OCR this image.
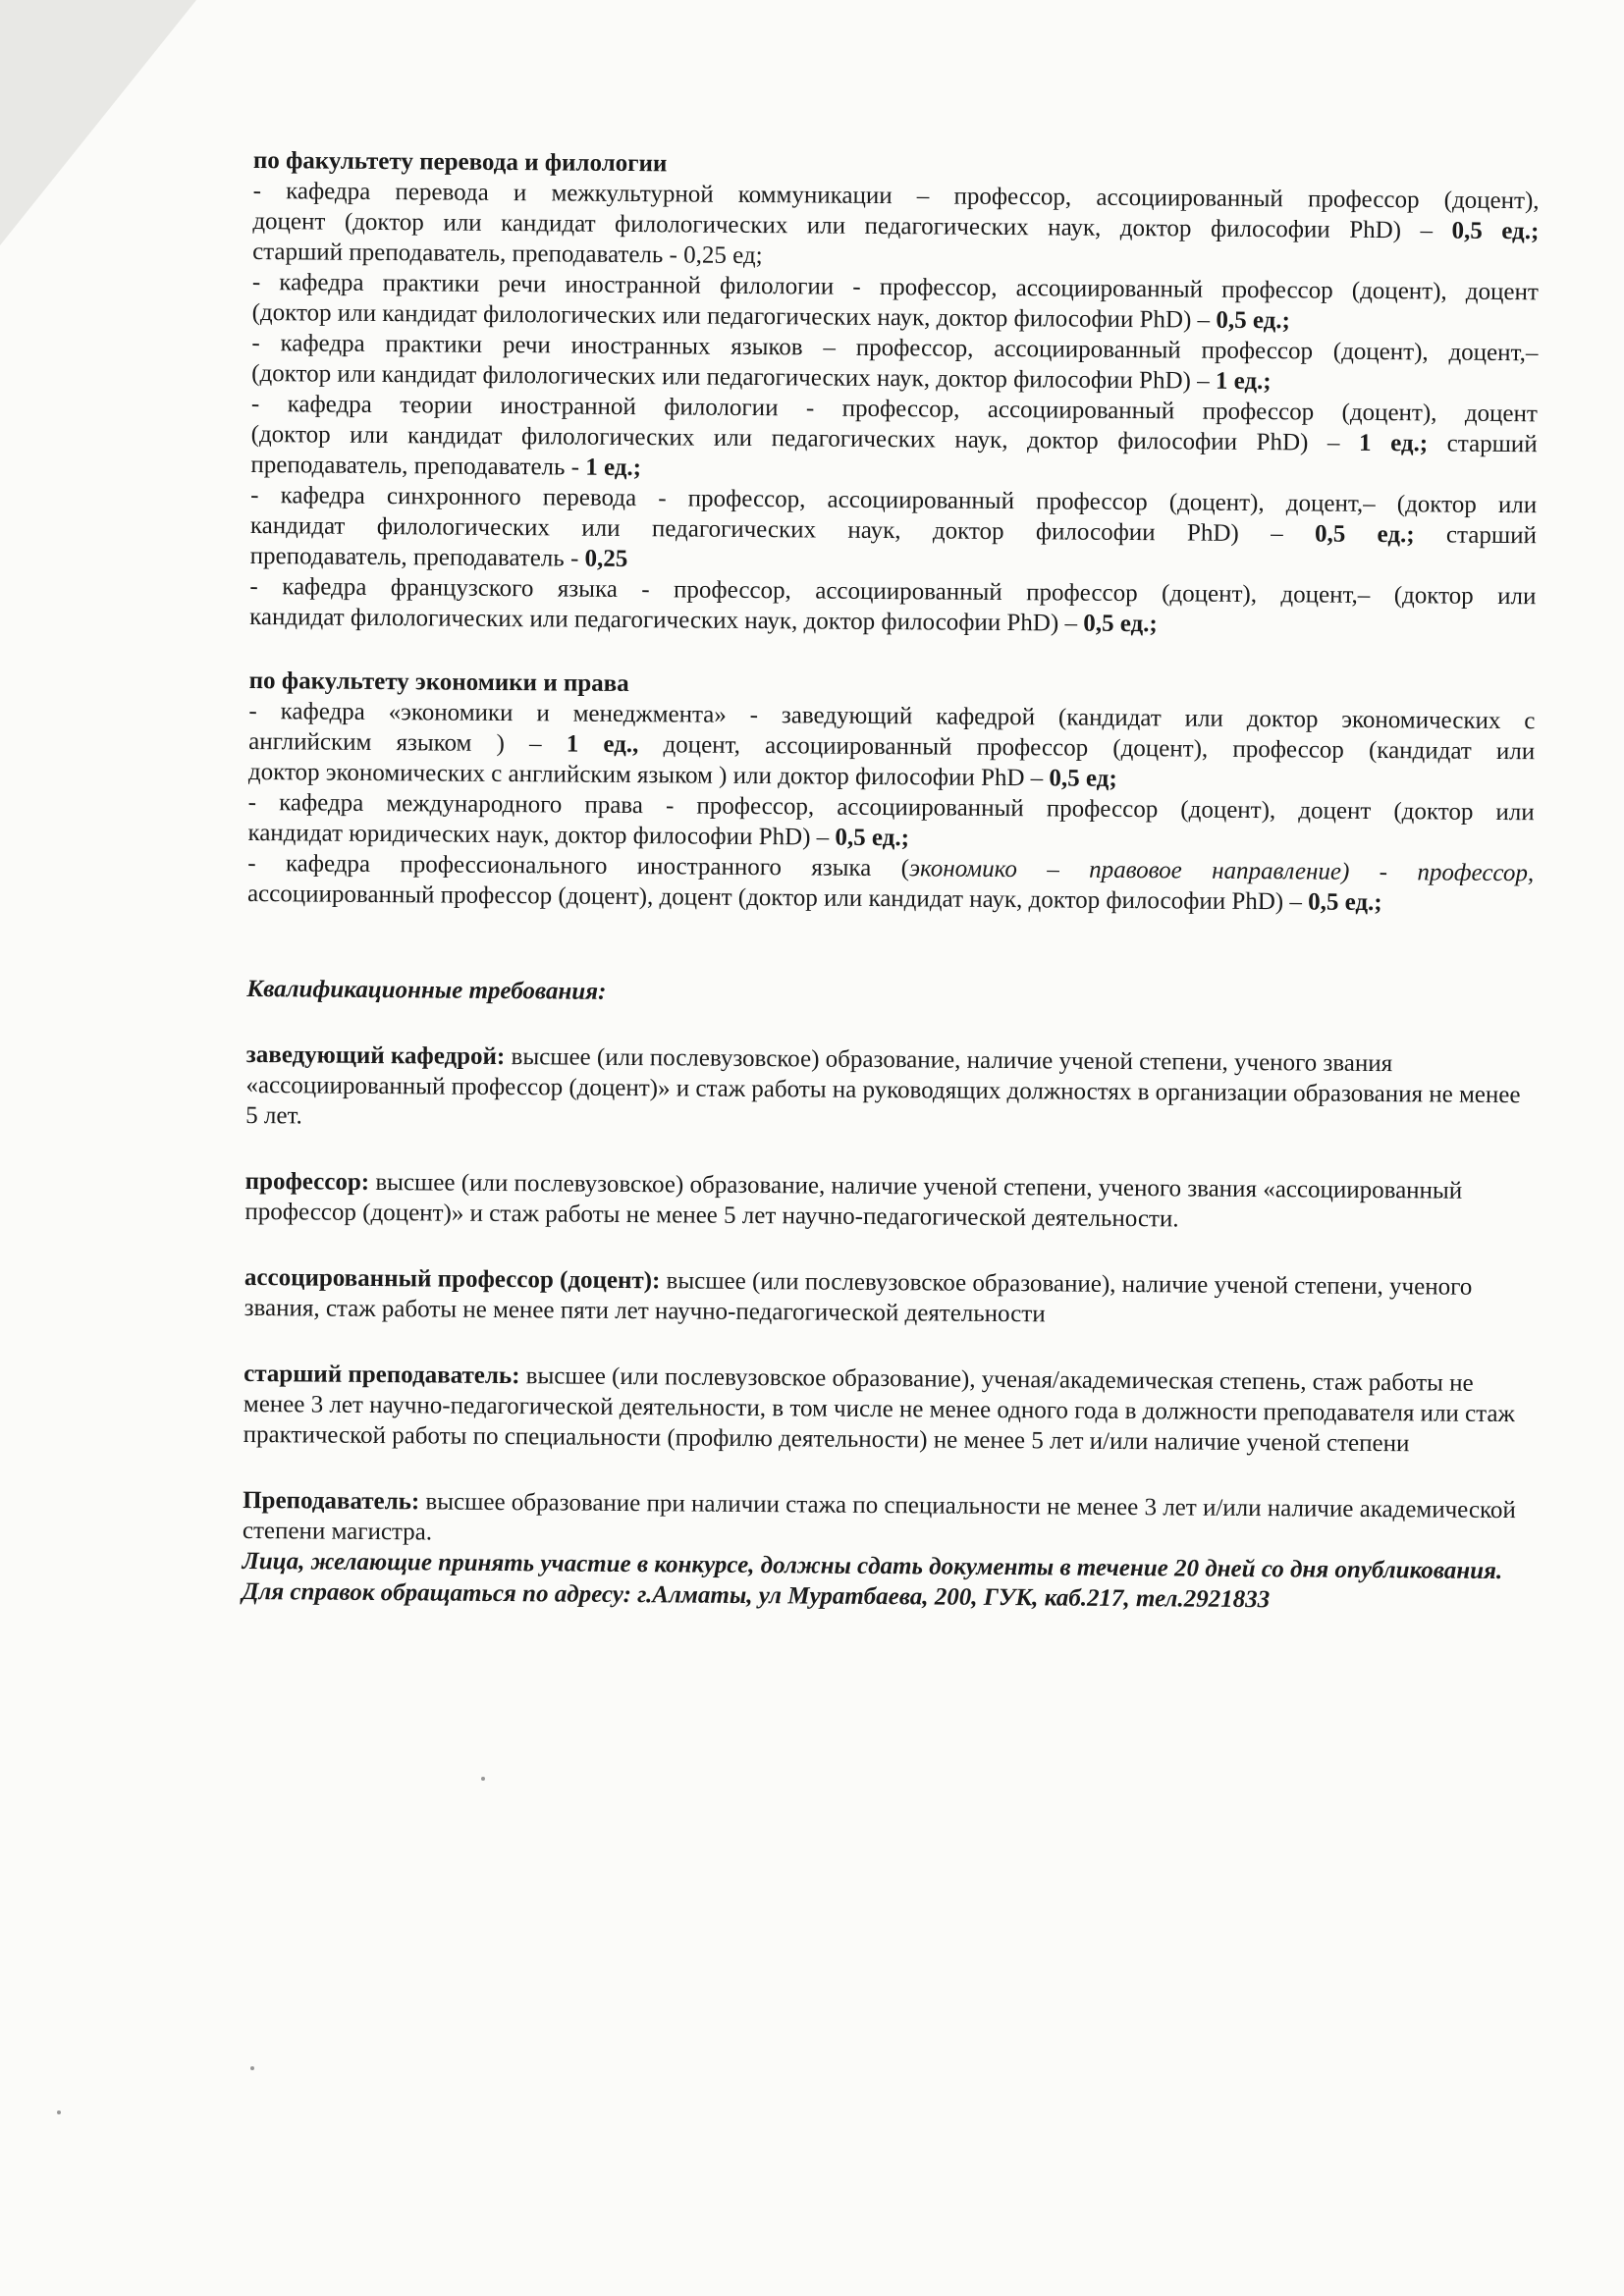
по факультету перевода и филологии
- кафедра перевода и межкультурной коммуникации – профессор, ассоциированный профессор (доцент),
доцент (доктор или кандидат филологических или педагогических наук, доктор философии PhD) – 0,5 ед.;
старший преподаватель, преподаватель - 0,25 ед;
- кафедра практики речи иностранной филологии - профессор, ассоциированный профессор (доцент), доцент
(доктор или кандидат филологических или педагогических наук, доктор философии PhD) – 0,5 ед.;
- кафедра практики речи иностранных языков – профессор, ассоциированный профессор (доцент), доцент,–
(доктор или кандидат филологических или педагогических наук, доктор философии PhD) – 1 ед.;
- кафедра теории иностранной филологии - профессор, ассоциированный профессор (доцент), доцент
(доктор или кандидат филологических или педагогических наук, доктор философии PhD) – 1 ед.; старший
преподаватель, преподаватель - 1 ед.;
- кафедра синхронного перевода - профессор, ассоциированный профессор (доцент), доцент,– (доктор или
кандидат филологических или педагогических наук, доктор философии PhD) – 0,5 ед.; старший
преподаватель, преподаватель - 0,25
- кафедра французского языка - профессор, ассоциированный профессор (доцент), доцент,– (доктор или
кандидат филологических или педагогических наук, доктор философии PhD) – 0,5 ед.;
по факультету экономики и права
- кафедра «экономики и менеджмента» - заведующий кафедрой (кандидат или доктор экономических с
английским языком ) – 1 ед., доцент, ассоциированный профессор (доцент), профессор (кандидат или
доктор экономических с английским языком ) или доктор философии PhD – 0,5 ед;
- кафедра международного права - профессор, ассоциированный профессор (доцент), доцент (доктор или
кандидат юридических наук, доктор философии PhD) – 0,5 ед.;
- кафедра профессионального иностранного языка (экономико – правовое направление) - профессор,
ассоциированный профессор (доцент), доцент (доктор или кандидат наук, доктор философии PhD) – 0,5 ед.;
Квалификационные требования:
заведующий кафедрой: высшее (или послевузовское) образование, наличие ученой степени, ученого звания «ассоциированный профессор (доцент)» и стаж работы на руководящих должностях в организации образования не менее 5 лет.
профессор: высшее (или послевузовское) образование, наличие ученой степени, ученого звания «ассоциированный профессор (доцент)» и стаж работы не менее 5 лет научно-педагогической деятельности.
ассоцированный профессор (доцент): высшее (или послевузовское образование), наличие ученой степени, ученого звания, стаж работы не менее пяти лет научно-педагогической деятельности
старший преподаватель: высшее (или послевузовское образование), ученая/академическая степень, стаж работы не менее 3 лет научно-педагогической деятельности, в том числе не менее одного года в должности преподавателя или стаж практической работы по специальности (профилю деятельности) не менее 5 лет и/или наличие ученой степени
Преподаватель: высшее образование при наличии стажа по специальности не менее 3 лет и/или наличие академической степени магистра.
Лица, желающие принять участие в конкурсе, должны сдать документы в течение 20 дней со дня опубликования.
Для справок обращаться по адресу: г.Алматы, ул Муратбаева, 200, ГУК, каб.217, тел.2921833
